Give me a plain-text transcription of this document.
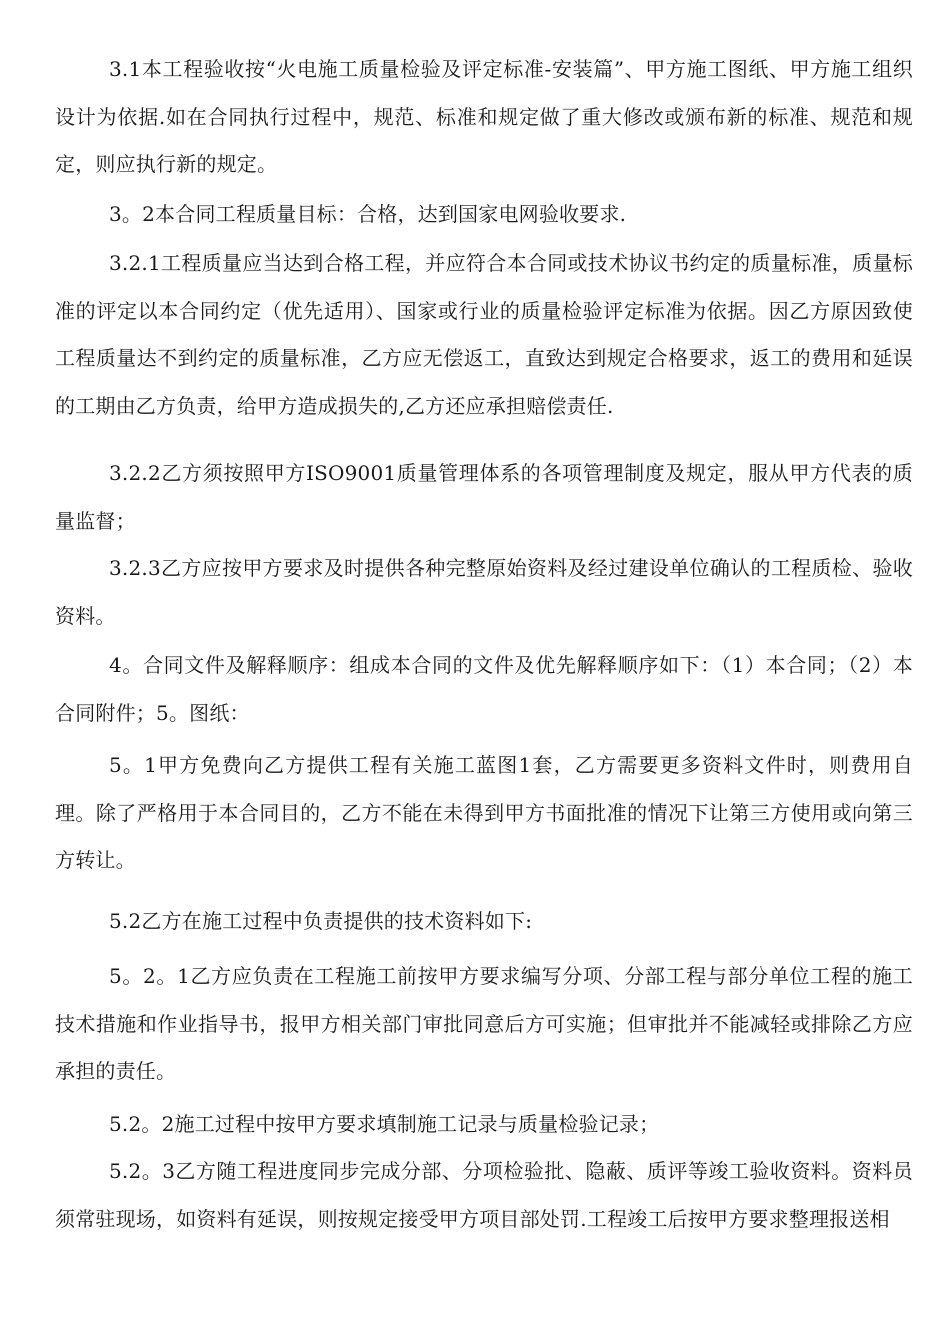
3.1本工程验收按“火电施工质量检验及评定标准-安装篇”、甲方施工图纸、甲方施工组织设计为依据.如在合同执行过程中，规范、标准和规定做了重大修改或颁布新的标准、规范和规定，则应执行新的规定。

3。2本合同工程质量目标：合格，达到国家电网验收要求.

3.2.1工程质量应当达到合格工程，并应符合本合同或技术协议书约定的质量标准，质量标准的评定以本合同约定（优先适用）、国家或行业的质量检验评定标准为依据。因乙方原因致使工程质量达不到约定的质量标准，乙方应无偿返工，直致达到规定合格要求，返工的费用和延误的工期由乙方负责，给甲方造成损失的,乙方还应承担赔偿责任.

3.2.2乙方须按照甲方ISO9001质量管理体系的各项管理制度及规定，服从甲方代表的质量监督；

3.2.3乙方应按甲方要求及时提供各种完整原始资料及经过建设单位确认的工程质检、验收资料。

4。合同文件及解释顺序：组成本合同的文件及优先解释顺序如下：（1）本合同；（2）本合同附件；5。图纸：

5。1甲方免费向乙方提供工程有关施工蓝图1套，乙方需要更多资料文件时，则费用自理。除了严格用于本合同目的，乙方不能在未得到甲方书面批准的情况下让第三方使用或向第三方转让。

5.2乙方在施工过程中负责提供的技术资料如下:

5。2。1乙方应负责在工程施工前按甲方要求编写分项、分部工程与部分单位工程的施工技术措施和作业指导书，报甲方相关部门审批同意后方可实施；但审批并不能减轻或排除乙方应承担的责任。

5.2。2施工过程中按甲方要求填制施工记录与质量检验记录；

5.2。3乙方随工程进度同步完成分部、分项检验批、隐蔽、质评等竣工验收资料。资料员须常驻现场，如资料有延误，则按规定接受甲方项目部处罚.工程竣工后按甲方要求整理报送相
